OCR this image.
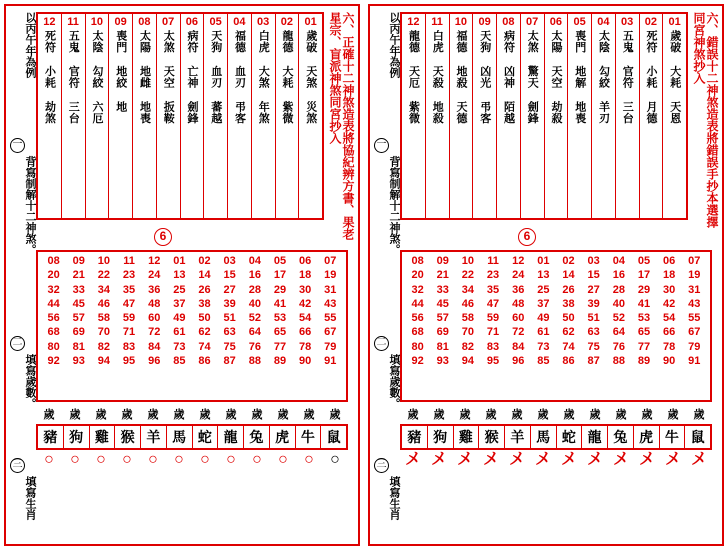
六、正確十二神煞造表將協紀辨方書、果老星宗、盲派神煞同宮抄入
以丙午年為例
一
背寫制解十二神煞。
二
填寫歲數。
三
填寫生肖
12
死符 小耗 劫煞
11
五鬼 官符 三台
10
太陰 勾絞 六厄
09
喪門 地絞 地
08
太陽 地雌 地喪
07
太煞 天空 扳鞍
06
病符 亡神 劍鋒
05
天狗 血刃 蕃越
04
福德 血刃 弔客
03
白虎 大煞 年煞
02
龍德 大耗 紫微
01
歲破 天煞 災煞
6
08	09	10	11	12	01	02	03	04	05	06	07
20	21	22	23	24	13	14	15	16	17	18	19
32	33	34	35	36	25	26	27	28	29	30	31
44	45	46	47	48	37	38	39	40	41	42	43
56	57	58	59	60	49	50	51	52	53	54	55
68	69	70	71	72	61	62	63	64	65	66	67
80	81	82	83	84	73	74	75	76	77	78	79
92	93	94	95	96	85	86	87	88	89	90	91
歲	歲	歲	歲	歲	歲	歲	歲	歲	歲	歲	歲
豬 狗 雞 猴 羊 馬 蛇 龍 兔 虎 牛 鼠
○	○	○	○	○	○	○	○	○	○	○	○
六、錯誤十二神煞造表將錯誤手抄本選擇同宮神煞抄入
以丙午年為例
一
背寫制解十二神煞。
二
填寫歲數。
三
填寫生肖
12
龍德 天厄 紫微
11
白虎 天殺 地殺
10
福德 地殺 天德
09
天狗 凶光 弔客
08
病符 凶神 陌越
07
太煞 驚天 劍鋒
06
太陽 天空 劫殺
05
喪門 地解 地喪
04
太陰 勾絞 羊刃
03
五鬼 官符 三台
02
死符 小耗 月德
01
歲破 大耗 天恩
6
08	09	10	11	12	01	02	03	04	05	06	07
20	21	22	23	24	13	14	15	16	17	18	19
32	33	34	35	36	25	26	27	28	29	30	31
44	45	46	47	48	37	38	39	40	41	42	43
56	57	58	59	60	49	50	51	52	53	54	55
68	69	70	71	72	61	62	63	64	65	66	67
80	81	82	83	84	73	74	75	76	77	78	79
92	93	94	95	96	85	86	87	88	89	90	91
歲	歲	歲	歲	歲	歲	歲	歲	歲	歲	歲	歲
豬 狗 雞 猴 羊 馬 蛇 龍 兔 虎 牛 鼠
メ メ メ メ メ メ メ メ メ メ メ メ
